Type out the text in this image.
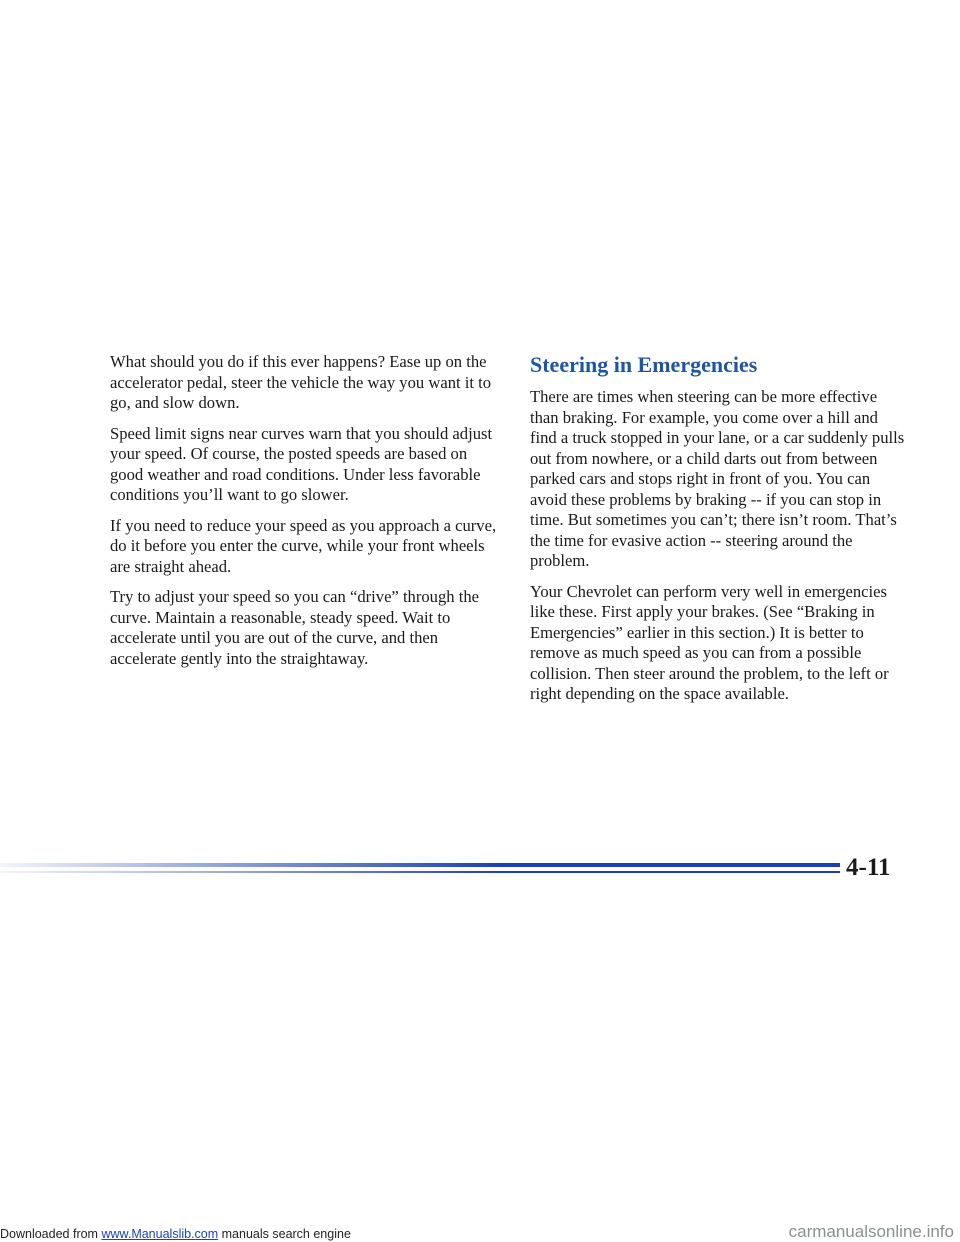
What should you do if this ever happens? Ease up on the accelerator pedal, steer the vehicle the way you want it to go, and slow down.

Speed limit signs near curves warn that you should adjust your speed. Of course, the posted speeds are based on good weather and road conditions. Under less favorable conditions you’ll want to go slower.

If you need to reduce your speed as you approach a curve, do it before you enter the curve, while your front wheels are straight ahead.

Try to adjust your speed so you can “drive” through the curve. Maintain a reasonable, steady speed. Wait to accelerate until you are out of the curve, and then accelerate gently into the straightaway.

Steering in Emergencies

There are times when steering can be more effective than braking. For example, you come over a hill and find a truck stopped in your lane, or a car suddenly pulls out from nowhere, or a child darts out from between parked cars and stops right in front of you. You can avoid these problems by braking -- if you can stop in time. But sometimes you can’t; there isn’t room. That’s the time for evasive action -- steering around the problem.

Your Chevrolet can perform very well in emergencies like these. First apply your brakes. (See “Braking in Emergencies” earlier in this section.) It is better to remove as much speed as you can from a possible collision. Then steer around the problem, to the left or right depending on the space available.

4-11
Downloaded from www.Manualslib.com manuals search engine	carmanualsonline.info
